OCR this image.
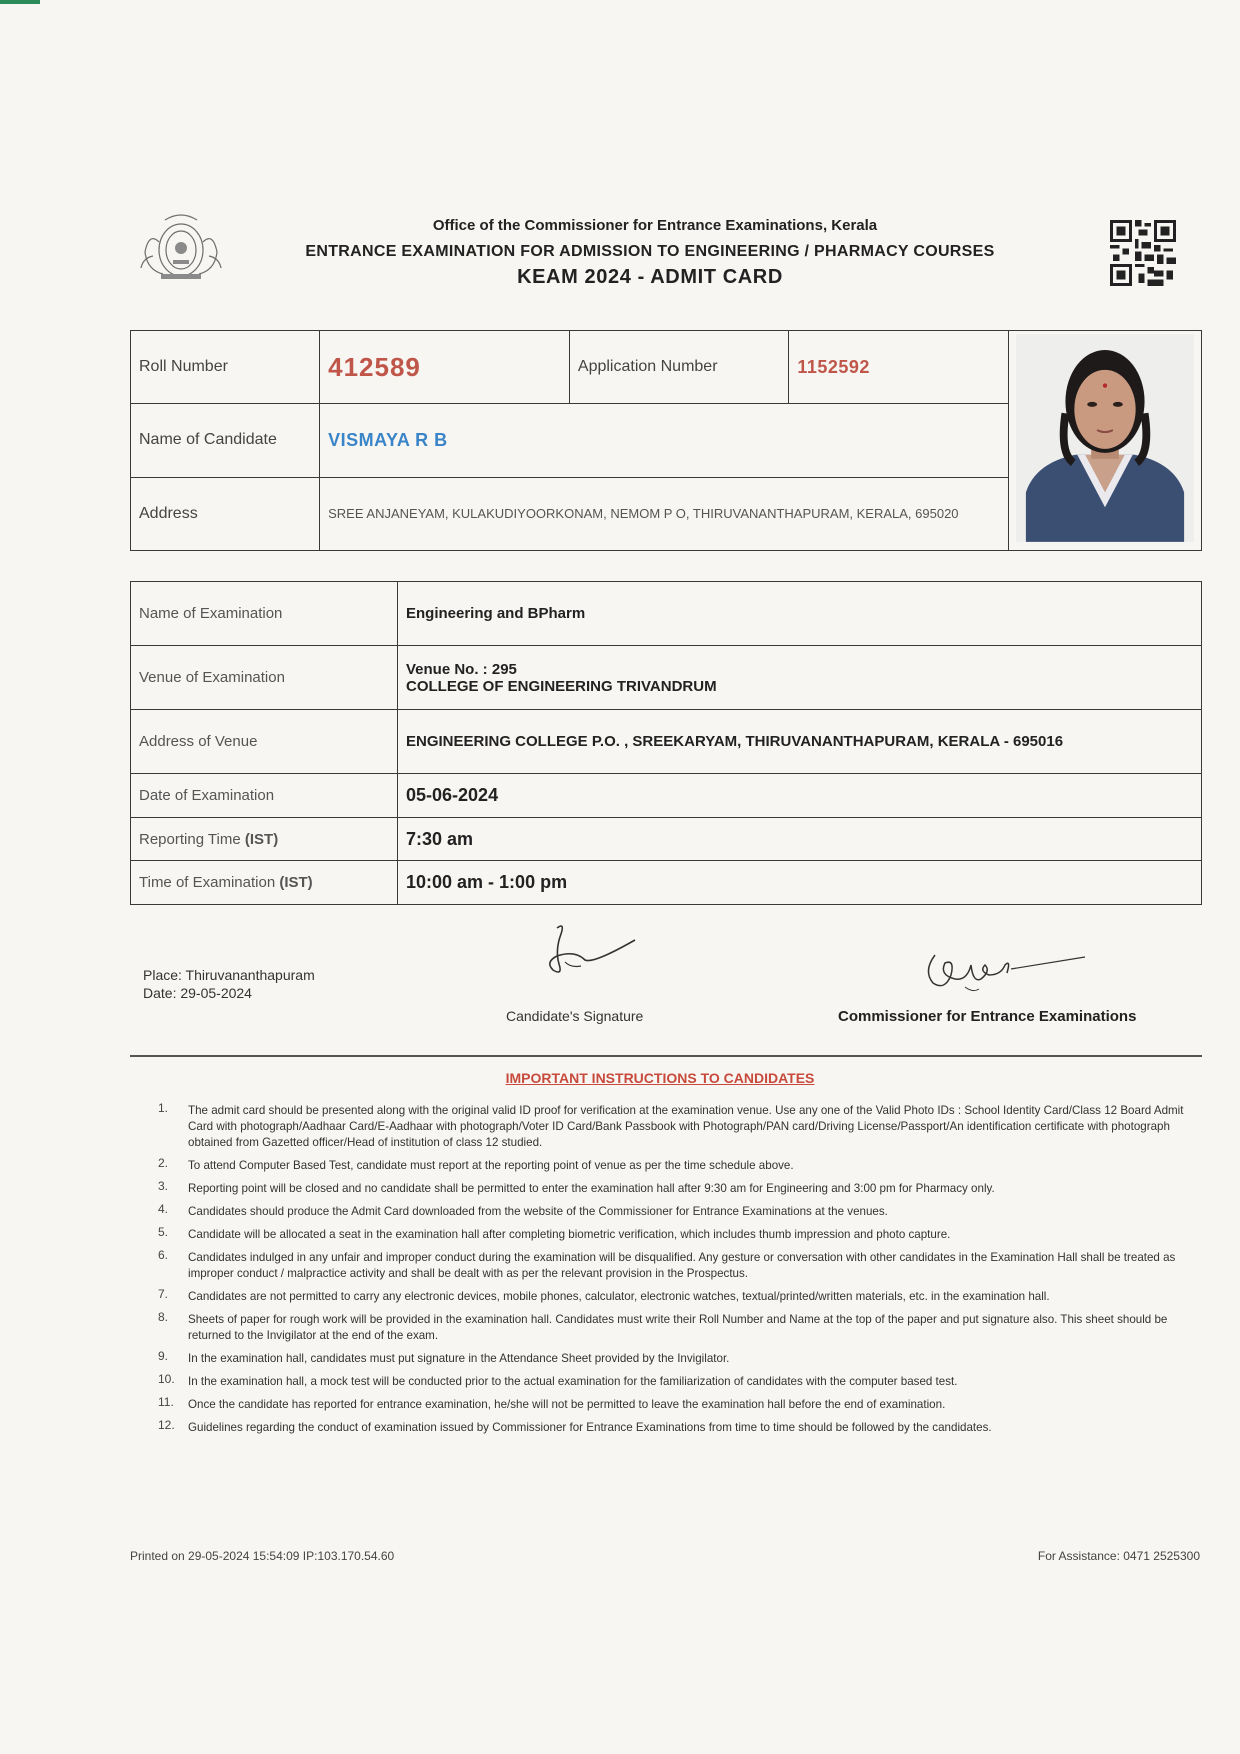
Office of the Commissioner for Entrance Examinations, Kerala
ENTRANCE EXAMINATION FOR ADMISSION TO ENGINEERING / PHARMACY COURSES
KEAM 2024 - ADMIT CARD
Roll Number	412589	Application Number	1152592	
Name of Candidate	VISMAYA R B			
Address	SREE ANJANEYAM, KULAKUDIYOORKONAM, NEMOM P O, THIRUVANANTHAPURAM, KERALA, 695020			
Name of Examination	Engineering and BPharm
Venue of Examination	Venue No. : 295
COLLEGE OF ENGINEERING TRIVANDRUM

Address of Venue	ENGINEERING COLLEGE P.O. , SREEKARYAM, THIRUVANANTHAPURAM, KERALA - 695016
Date of Examination	05-06-2024
Reporting Time (IST)	7:30 am
Time of Examination (IST)	10:00 am - 1:00 pm
Place: Thiruvananthapuram
Date: 29-05-2024
Candidate's Signature	Commissioner for Entrance Examinations
IMPORTANT INSTRUCTIONS TO CANDIDATES
1. The admit card should be presented along with the original valid ID proof for verification at the examination venue. Use any one of the Valid Photo IDs : School Identity Card/Class 12 Board Admit Card with photograph/Aadhaar Card/E-Aadhaar with photograph/Voter ID Card/Bank Passbook with Photograph/PAN card/Driving License/Passport/An identification certificate with photograph obtained from Gazetted officer/Head of institution of class 12 studied.
2. To attend Computer Based Test, candidate must report at the reporting point of venue as per the time schedule above.
3. Reporting point will be closed and no candidate shall be permitted to enter the examination hall after 9:30 am for Engineering and 3:00 pm for Pharmacy only.
4. Candidates should produce the Admit Card downloaded from the website of the Commissioner for Entrance Examinations at the venues.
5. Candidate will be allocated a seat in the examination hall after completing biometric verification, which includes thumb impression and photo capture.
6. Candidates indulged in any unfair and improper conduct during the examination will be disqualified. Any gesture or conversation with other candidates in the Examination Hall shall be treated as improper conduct / malpractice activity and shall be dealt with as per the relevant provision in the Prospectus.
7. Candidates are not permitted to carry any electronic devices, mobile phones, calculator, electronic watches, textual/printed/written materials, etc. in the examination hall.
8. Sheets of paper for rough work will be provided in the examination hall. Candidates must write their Roll Number and Name at the top of the paper and put signature also. This sheet should be returned to the Invigilator at the end of the exam.
9. In the examination hall, candidates must put signature in the Attendance Sheet provided by the Invigilator.
10. In the examination hall, a mock test will be conducted prior to the actual examination for the familiarization of candidates with the computer based test.
11. Once the candidate has reported for entrance examination, he/she will not be permitted to leave the examination hall before the end of examination.
12. Guidelines regarding the conduct of examination issued by Commissioner for Entrance Examinations from time to time should be followed by the candidates.
Printed on 29-05-2024 15:54:09 IP:103.170.54.60	For Assistance: 0471 2525300
